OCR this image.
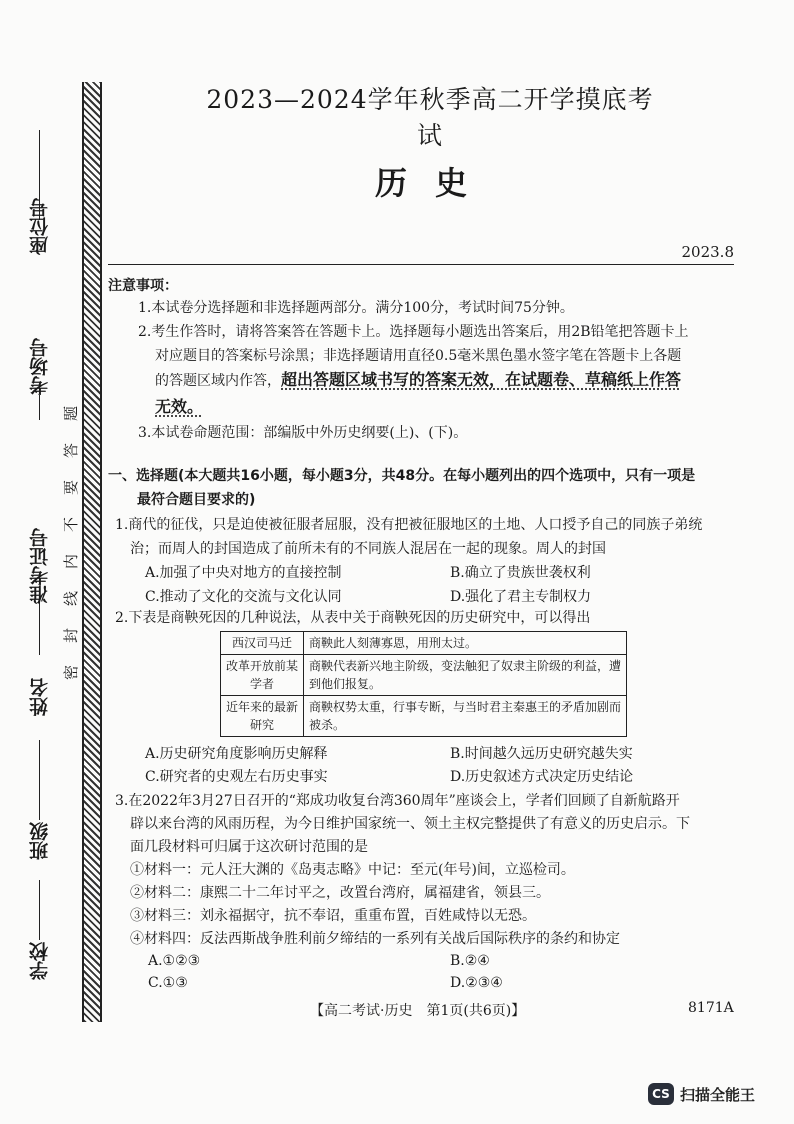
座位号
考场号
准考证号
姓名
班级
学校
题
答
要
不
内
线
封
密
2023—2024学年秋季高二开学摸底考试
历史
2023.8
注意事项：
1.本试卷分选择题和非选择题两部分。满分100分，考试时间75分钟。
2.考生作答时，请将答案答在答题卡上。选择题每小题选出答案后，用2B铅笔把答题卡上
对应题目的答案标号涂黑；非选择题请用直径0.5毫米黑色墨水签字笔在答题卡上各题
的答题区域内作答，超出答题区域书写的答案无效，在试题卷、草稿纸上作答
无效。
3.本试卷命题范围：部编版中外历史纲要(上)、(下)。
一、选择题(本大题共16小题，每小题3分，共48分。在每小题列出的四个选项中，只有一项是
最符合题目要求的)
1.商代的征伐，只是迫使被征服者屈服，没有把被征服地区的土地、人口授予自己的同族子弟统
治；而周人的封国造成了前所未有的不同族人混居在一起的现象。周人的封国
A.加强了中央对地方的直接控制	B.确立了贵族世袭权利
C.推动了文化的交流与文化认同	D.强化了君主专制权力
2.下表是商鞅死因的几种说法，从表中关于商鞅死因的历史研究中，可以得出
西汉司马迁	商鞅此人刻薄寡恩，用刑太过。
改革开放前某学者	商鞅代表新兴地主阶级，变法触犯了奴隶主阶级的利益，遭到他们报复。
近年来的最新研究	商鞅权势太重，行事专断，与当时君主秦惠王的矛盾加剧而被杀。
A.历史研究角度影响历史解释	B.时间越久远历史研究越失实
C.研究者的史观左右历史事实	D.历史叙述方式决定历史结论
3.在2022年3月27日召开的“郑成功收复台湾360周年”座谈会上，学者们回顾了自新航路开
辟以来台湾的风雨历程，为今日维护国家统一、领土主权完整提供了有意义的历史启示。下
面几段材料可归属于这次研讨范围的是
①材料一：元人汪大渊的《岛夷志略》中记：至元(年号)间，立巡检司。
②材料二：康熙二十二年讨平之，改置台湾府，属福建省，领县三。
③材料三：刘永福据守，抗不奉诏，重重布置，百姓咸恃以无恐。
④材料四：反法西斯战争胜利前夕缔结的一系列有关战后国际秩序的条约和协定
A.①②③	B.②④
C.①③	D.②③④
【高二考试·历史　第1页(共6页)】	8171A
CS 扫描全能王
